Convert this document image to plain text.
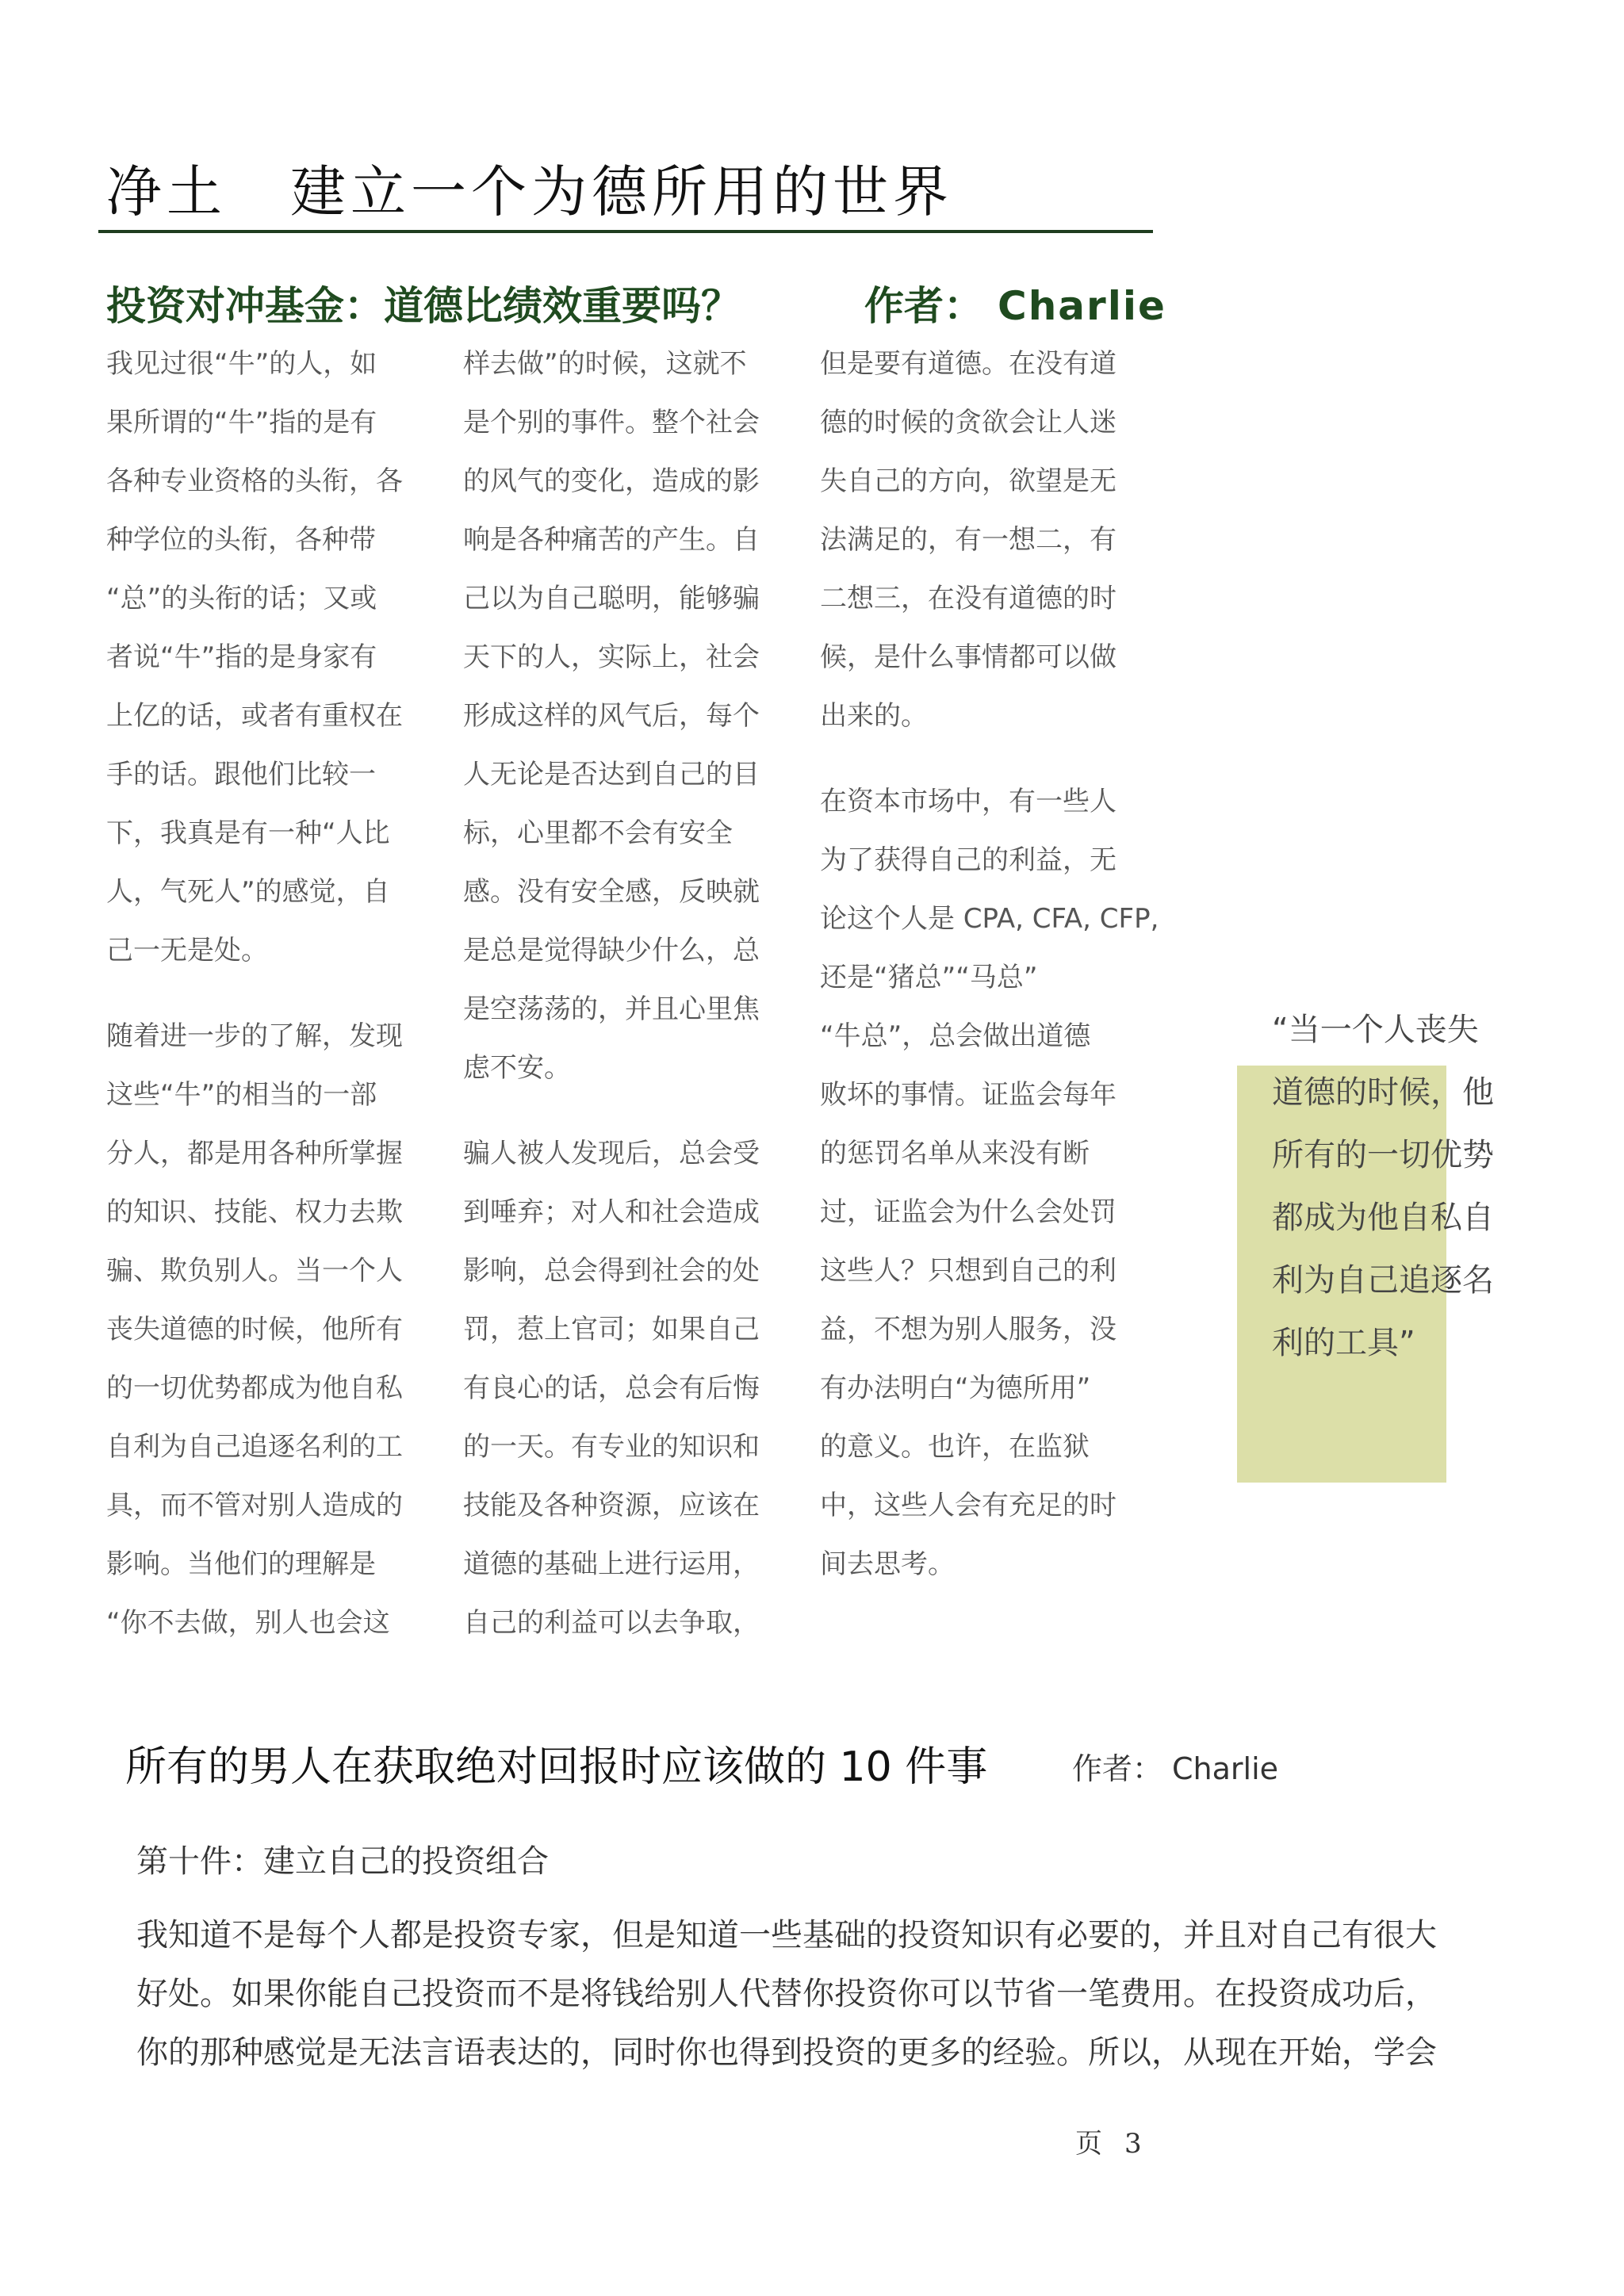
净土 建立一个为德所用的世界
投资对冲基金：道德比绩效重要吗？	作者： Charlie

我见过很“牛”的人，如

果所谓的“牛”指的是有

各种专业资格的头衔，各

种学位的头衔，各种带

“总”的头衔的话；又或

者说“牛”指的是身家有

上亿的话，或者有重权在

手的话。跟他们比较一

下，我真是有一种“人比

人，气死人”的感觉，自

己一无是处。

随着进一步的了解，发现

这些“牛”的相当的一部

分人，都是用各种所掌握

的知识、技能、权力去欺

骗、欺负别人。当一个人

丧失道德的时候，他所有

的一切优势都成为他自私

自利为自己追逐名利的工

具，而不管对别人造成的

影响。当他们的理解是

“你不去做，别人也会这

样去做”的时候，这就不

是个别的事件。整个社会

的风气的变化，造成的影

响是各种痛苦的产生。自

己以为自己聪明，能够骗

天下的人，实际上，社会

形成这样的风气后，每个

人无论是否达到自己的目

标，心里都不会有安全

感。没有安全感，反映就

是总是觉得缺少什么，总

是空荡荡的，并且心里焦

虑不安。

骗人被人发现后，总会受

到唾弃；对人和社会造成

影响，总会得到社会的处

罚，惹上官司；如果自己

有良心的话，总会有后悔

的一天。有专业的知识和

技能及各种资源，应该在

道德的基础上进行运用，

自己的利益可以去争取，

但是要有道德。在没有道

德的时候的贪欲会让人迷

失自己的方向，欲望是无

法满足的，有一想二，有

二想三，在没有道德的时

候，是什么事情都可以做

出来的。

在资本市场中，有一些人

为了获得自己的利益，无

论这个人是 CPA, CFA, CFP,

还是“猪总”“马总”

“牛总”，总会做出道德

败坏的事情。证监会每年

的惩罚名单从来没有断

过，证监会为什么会处罚

这些人？只想到自己的利

益，不想为别人服务，没

有办法明白“为德所用”

的意义。也许，在监狱

中，这些人会有充足的时

间去思考。

“当一个人丧失

道德的时候，他

所有的一切优势

都成为他自私自

利为自己追逐名

利的工具”

所有的男人在获取绝对回报时应该做的 10 件事	作者： Charlie
第十件：建立自己的投资组合

我知道不是每个人都是投资专家，但是知道一些基础的投资知识有必要的，并且对自己有很大

好处。如果你能自己投资而不是将钱给别人代替你投资你可以节省一笔费用。在投资成功后，

你的那种感觉是无法言语表达的，同时你也得到投资的更多的经验。所以，从现在开始，学会

页 3
